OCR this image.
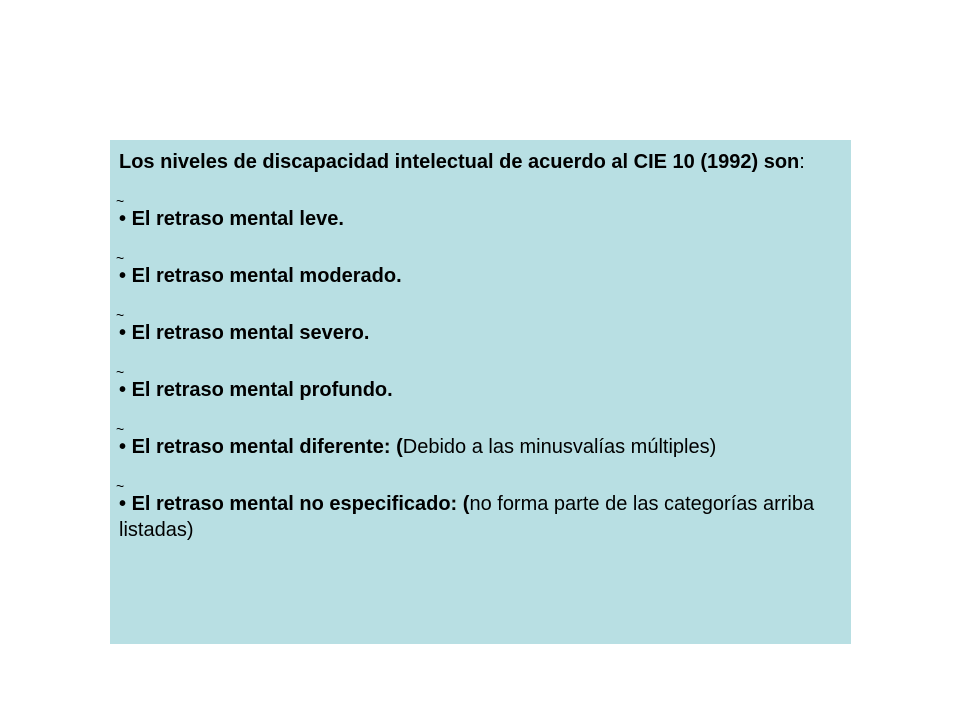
Los niveles de discapacidad intelectual de acuerdo al CIE 10 (1992) son:

~
• El retraso mental leve.
~
• El retraso mental moderado.
~
• El retraso mental severo.
~
• El retraso mental profundo.
~
• El retraso mental diferente: (Debido a las minusvalías múltiples)
~
• El retraso mental no especificado: (no forma parte de las categorías arriba listadas)
